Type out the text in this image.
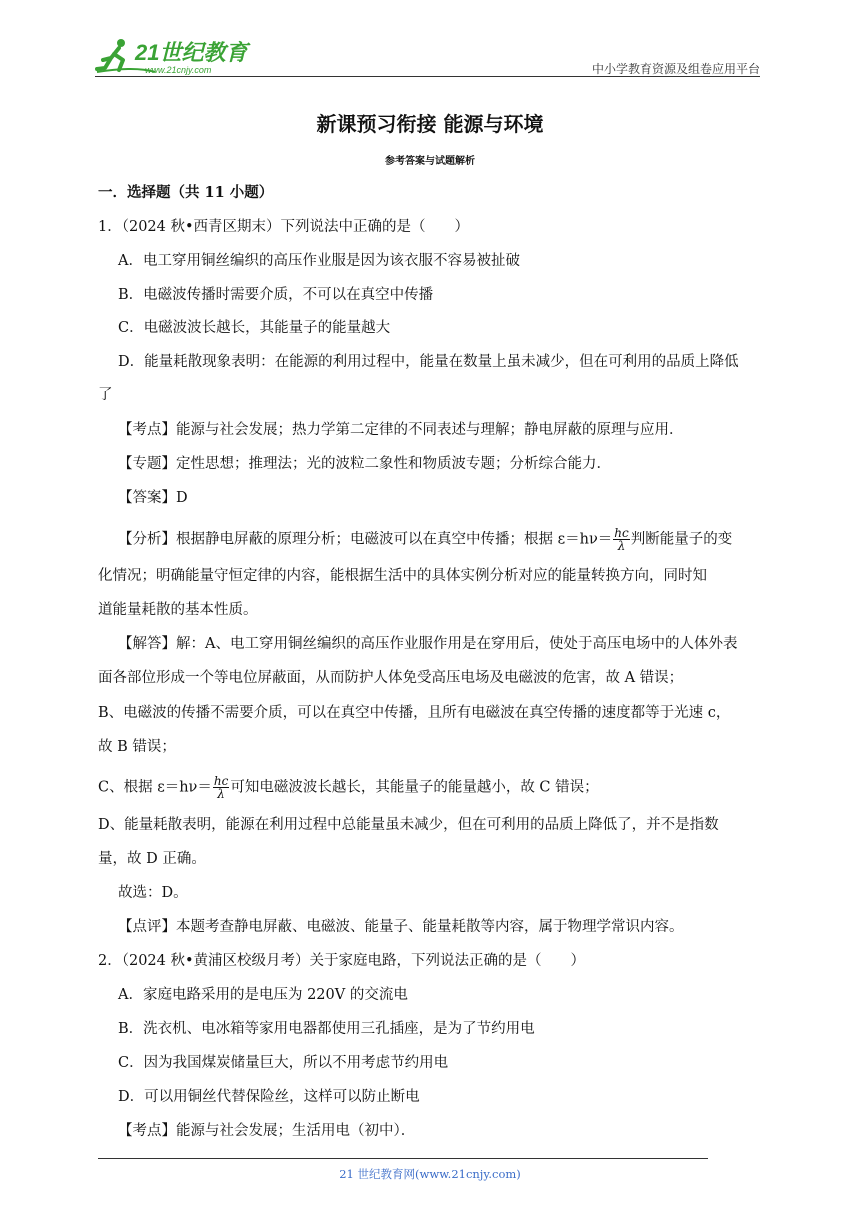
21世纪教育
www.21cnjy.com	中小学教育资源及组卷应用平台
新课预习衔接 能源与环境
参考答案与试题解析
一．选择题（共 11 小题）
1．（2024 秋•西青区期末）下列说法中正确的是（　　）
A．电工穿用铜丝编织的高压作业服是因为该衣服不容易被扯破
B．电磁波传播时需要介质，不可以在真空中传播
C．电磁波波长越长，其能量子的能量越大
D．能量耗散现象表明：在能源的利用过程中，能量在数量上虽未减少，但在可利用的品质上降低
了
【考点】能源与社会发展；热力学第二定律的不同表述与理解；静电屏蔽的原理与应用．
【专题】定性思想；推理法；光的波粒二象性和物质波专题；分析综合能力．
【答案】D
【分析】根据静电屏蔽的原理分析；电磁波可以在真空中传播；根据 $\varepsilon=h\nu= \frac{hc}{\lambda}$ 判断能量子的变
化情况；明确能量守恒定律的内容，能根据生活中的具体实例分析对应的能量转换方向，同时知
道能量耗散的基本性质。
【解答】解：A、电工穿用铜丝编织的高压作业服作用是在穿用后，使处于高压电场中的人体外表
面各部位形成一个等电位屏蔽面，从而防护人体免受高压电场及电磁波的危害，故 A 错误；
B、电磁波的传播不需要介质，可以在真空中传播，且所有电磁波在真空传播的速度都等于光速 c，
故 B 错误；
C、根据 $\varepsilon=h\nu= \frac{hc}{\lambda}$ 可知电磁波波长越长，其能量子的能量越小，故 C 错误；
D、能量耗散表明，能源在利用过程中总能量虽未减少，但在可利用的品质上降低了，并不是指数
量，故 D 正确。
故选：D。
【点评】本题考查静电屏蔽、电磁波、能量子、能量耗散等内容，属于物理学常识内容。
2．（2024 秋•黄浦区校级月考）关于家庭电路，下列说法正确的是（　　）
A．家庭电路采用的是电压为 220V 的交流电
B．洗衣机、电冰箱等家用电器都使用三孔插座，是为了节约用电
C．因为我国煤炭储量巨大，所以不用考虑节约用电
D．可以用铜丝代替保险丝，这样可以防止断电
【考点】能源与社会发展；生活用电（初中）．
21 世纪教育网(www.21cnjy.com)
